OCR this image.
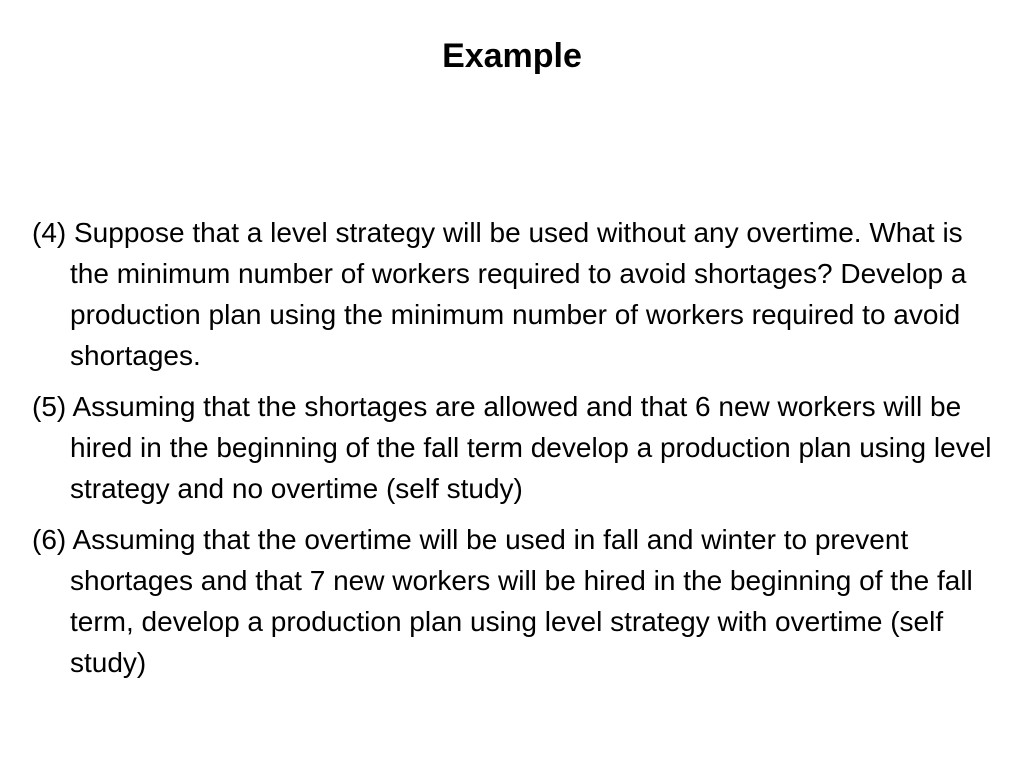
Example
(4) Suppose that a level strategy will be used without any overtime. What is the minimum number of workers required to avoid shortages? Develop a production plan using the minimum number of workers required to avoid shortages.
(5) Assuming that the shortages are allowed and that 6 new workers will be hired in the beginning of the fall term develop a production plan using level strategy and no overtime (self study)
(6) Assuming that the overtime will be used in fall and winter to prevent shortages and that 7 new workers will be hired in the beginning of the fall term, develop a production plan using level strategy with overtime (self study)
